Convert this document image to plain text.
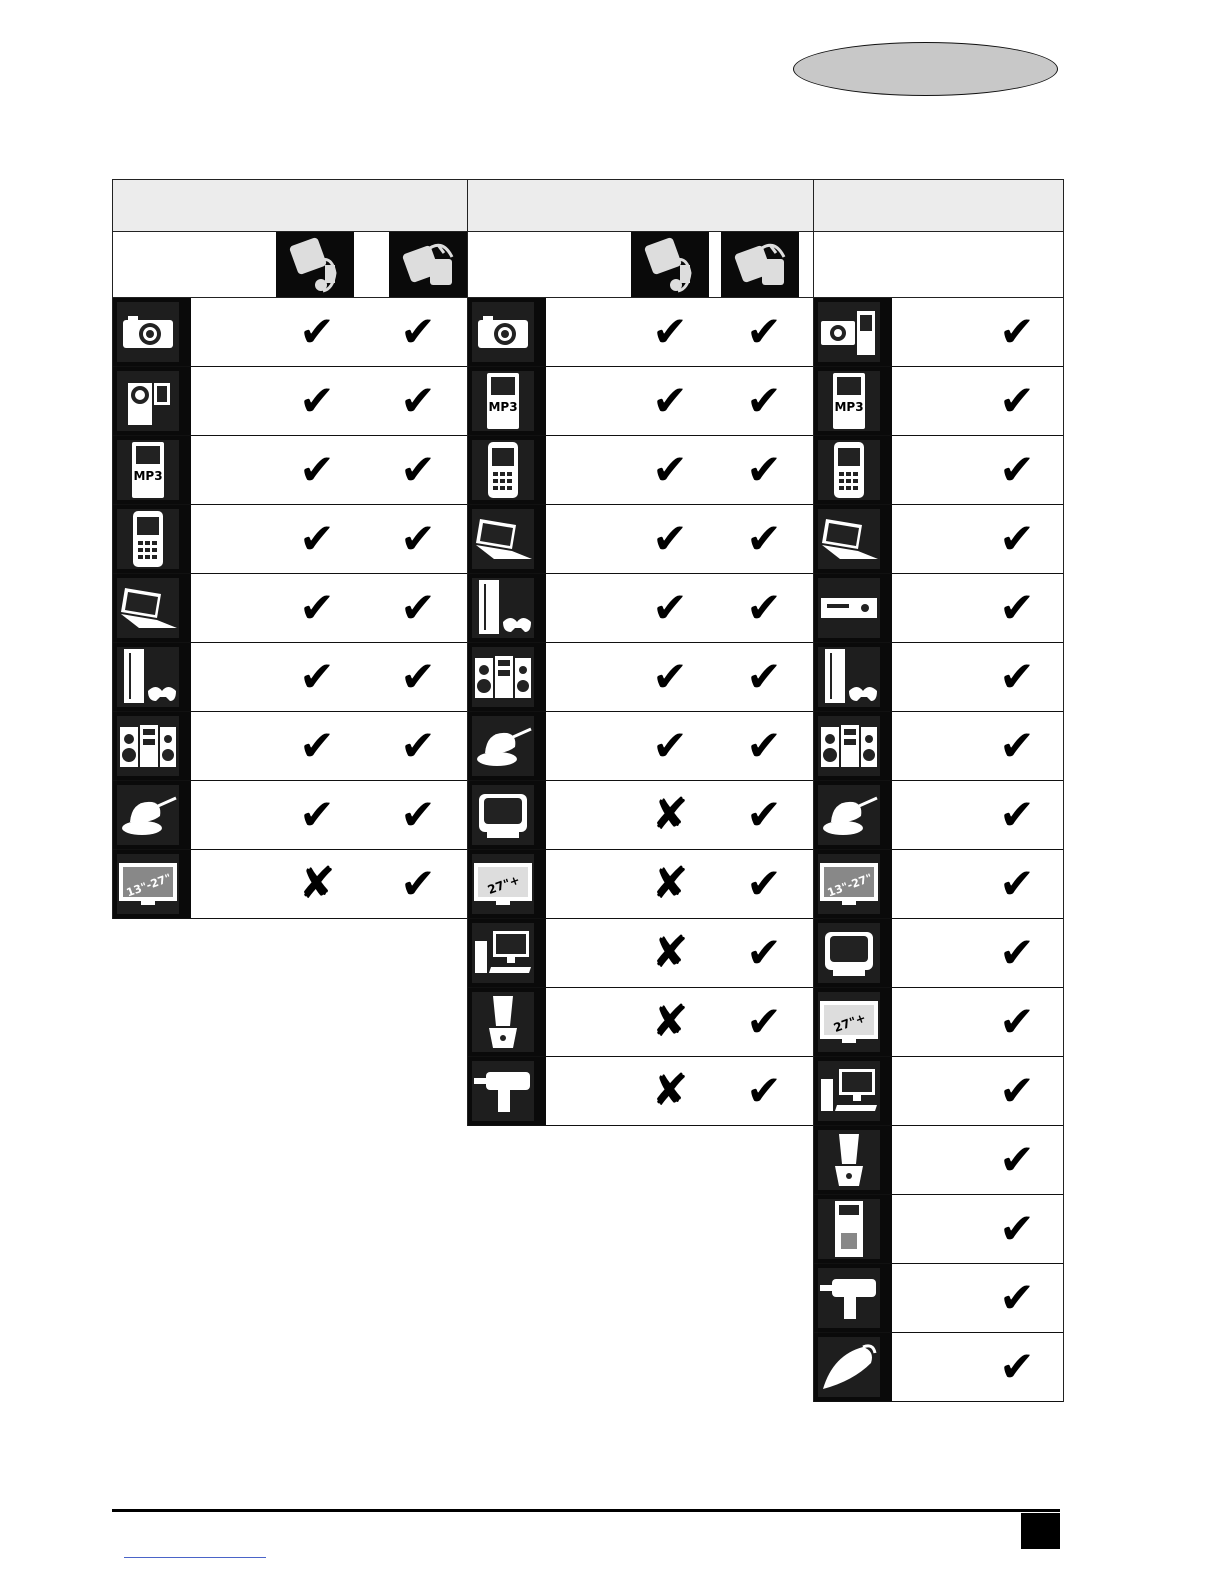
✔ ✔
✔ ✔
MP3	✔ ✔
✔ ✔
✔ ✔
✔ ✔
✔ ✔
✔ ✔
13"-27"	✘ ✔
✔ ✔
MP3	✔ ✔
✔ ✔
✔ ✔
✔ ✔
✔ ✔
✔ ✔
✘ ✔
27"+	✘ ✔
✘ ✔
✘ ✔
✘ ✔
✔
MP3	✔
✔
✔
✔
✔
✔
✔
13"-27"	✔
✔
27"+	✔
✔
✔
✔
✔
✔
